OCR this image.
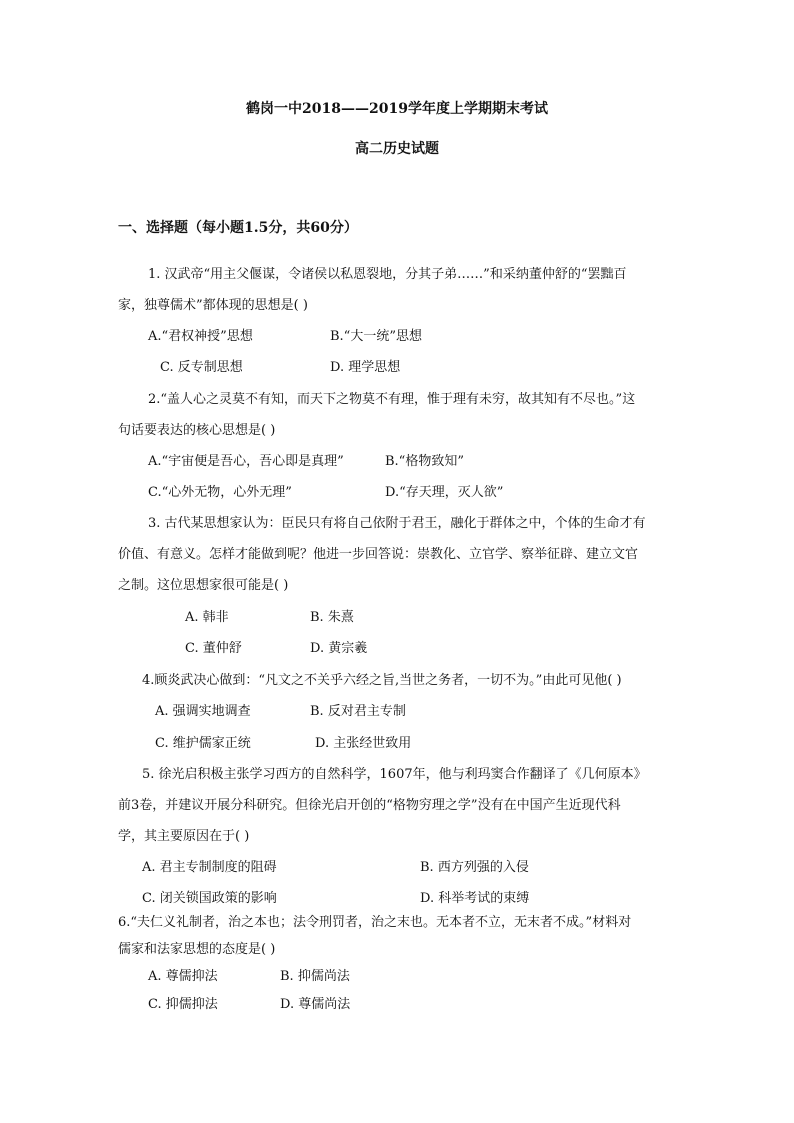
鹤岗一中2018——2019学年度上学期期末考试
高二历史试题
一、选择题（每小题1.5分，共60分）
1. 汉武帝“用主父偃谋，令诸侯以私恩裂地，分其子弟……”和采纳董仲舒的“罢黜百
家，独尊儒术”都体现的思想是( )
A.“君权神授”思想	B.“大一统”思想
C. 反专制思想	D. 理学思想
2.“盖人心之灵莫不有知，而天下之物莫不有理，惟于理有未穷，故其知有不尽也。”这
句话要表达的核心思想是( )
A.“宇宙便是吾心，吾心即是真理”	B.“格物致知”
C.“心外无物，心外无理”	D.“存天理，灭人欲”
3. 古代某思想家认为：臣民只有将自己依附于君王，融化于群体之中，个体的生命才有
价值、有意义。怎样才能做到呢？他进一步回答说：崇教化、立官学、察举征辟、建立文官
之制。这位思想家很可能是( )
A. 韩非	B. 朱熹
C. 董仲舒	D. 黄宗羲
4.顾炎武决心做到：“凡文之不关乎六经之旨,当世之务者，一切不为。”由此可见他( )
A. 强调实地调查	B. 反对君主专制
C. 维护儒家正统	D. 主张经世致用
5. 徐光启积极主张学习西方的自然科学，1607年，他与利玛窦合作翻译了《几何原本》
前3卷，并建议开展分科研究。但徐光启开创的“格物穷理之学”没有在中国产生近现代科
学，其主要原因在于( )
A. 君主专制制度的阻碍	B. 西方列强的入侵
C. 闭关锁国政策的影响	D. 科举考试的束缚
6.“夫仁义礼制者，治之本也；法令刑罚者，治之末也。无本者不立，无末者不成。”材料对
儒家和法家思想的态度是( )
A. 尊儒抑法	B. 抑儒尚法
C. 抑儒抑法	D. 尊儒尚法
